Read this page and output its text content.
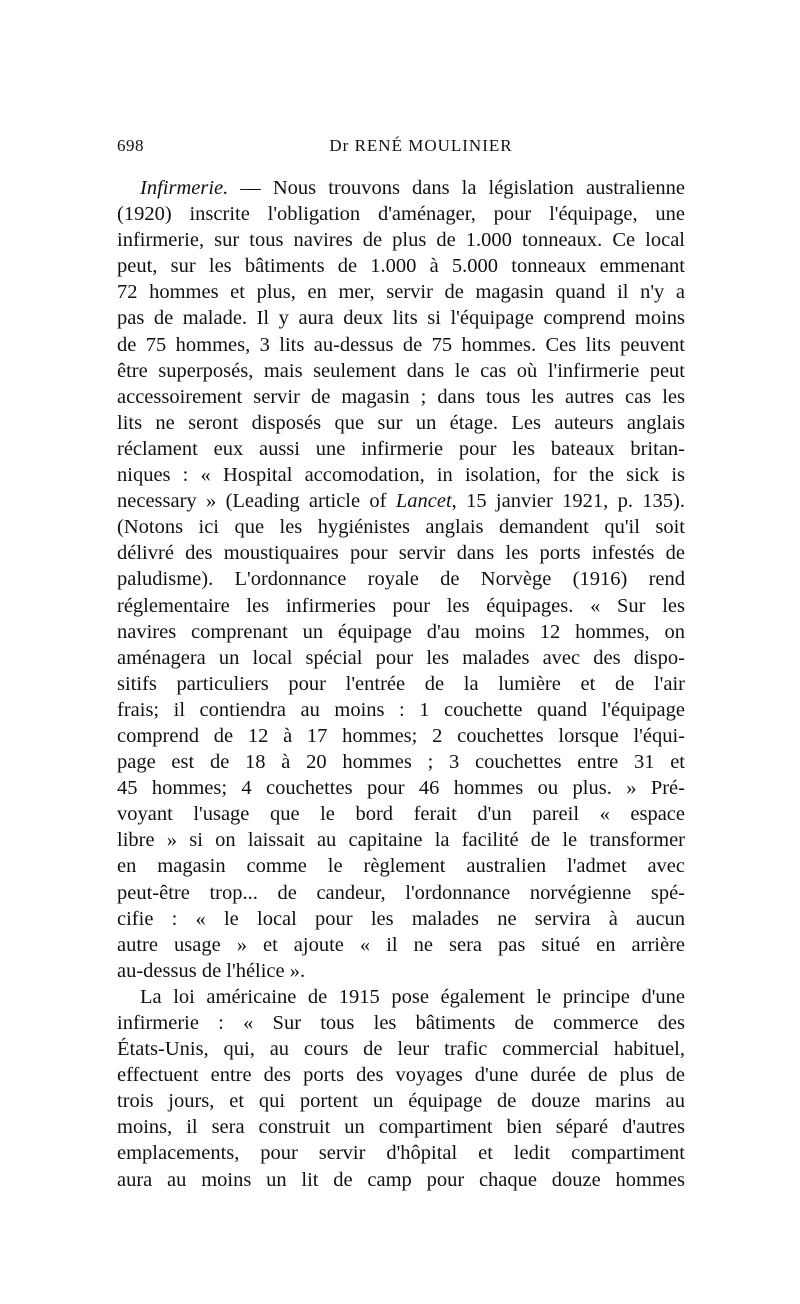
698	Dr RENÉ MOULINIER

Infirmerie. — Nous trouvons dans la législation australienne
(1920) inscrite l'obligation d'aménager, pour l'équipage, une
infirmerie, sur tous navires de plus de 1.000 tonneaux. Ce local
peut, sur les bâtiments de 1.000 à 5.000 tonneaux emmenant
72 hommes et plus, en mer, servir de magasin quand il n'y a
pas de malade. Il y aura deux lits si l'équipage comprend moins
de 75 hommes, 3 lits au-dessus de 75 hommes. Ces lits peuvent
être superposés, mais seulement dans le cas où l'infirmerie peut
accessoirement servir de magasin ; dans tous les autres cas les
lits ne seront disposés que sur un étage. Les auteurs anglais
réclament eux aussi une infirmerie pour les bateaux britan-
niques : « Hospital accomodation, in isolation, for the sick is
necessary » (Leading article of Lancet, 15 janvier 1921, p. 135).
(Notons ici que les hygiénistes anglais demandent qu'il soit
délivré des moustiquaires pour servir dans les ports infestés de
paludisme). L'ordonnance royale de Norvège (1916) rend
réglementaire les infirmeries pour les équipages. « Sur les
navires comprenant un équipage d'au moins 12 hommes, on
aménagera un local spécial pour les malades avec des dispo-
sitifs particuliers pour l'entrée de la lumière et de l'air
frais; il contiendra au moins : 1 couchette quand l'équipage
comprend de 12 à 17 hommes; 2 couchettes lorsque l'équi-
page est de 18 à 20 hommes ; 3 couchettes entre 31 et
45 hommes; 4 couchettes pour 46 hommes ou plus. » Pré-
voyant l'usage que le bord ferait d'un pareil « espace
libre » si on laissait au capitaine la facilité de le transformer
en magasin comme le règlement australien l'admet avec
peut-être trop... de candeur, l'ordonnance norvégienne spé-
cifie : « le local pour les malades ne servira à aucun
autre usage » et ajoute « il ne sera pas situé en arrière
au-dessus de l'hélice ».

La loi américaine de 1915 pose également le principe d'une
infirmerie : « Sur tous les bâtiments de commerce des
États-Unis, qui, au cours de leur trafic commercial habituel,
effectuent entre des ports des voyages d'une durée de plus de
trois jours, et qui portent un équipage de douze marins au
moins, il sera construit un compartiment bien séparé d'autres
emplacements, pour servir d'hôpital et ledit compartiment
aura au moins un lit de camp pour chaque douze hommes
